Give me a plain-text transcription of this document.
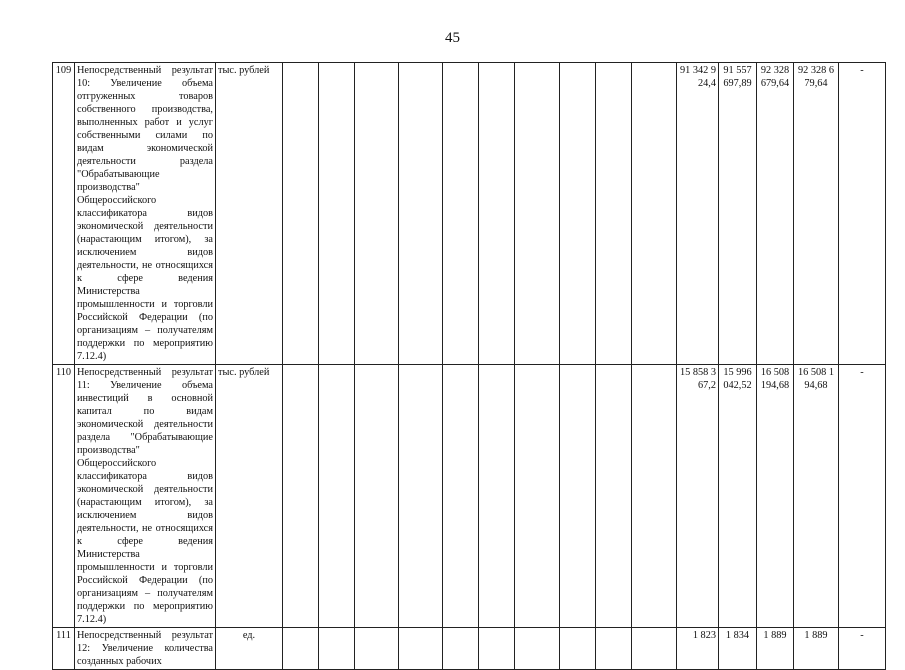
45
109	Непосредственный результат 10: Увеличение объема отгруженных товаров собственного производства, выполненных работ и услуг собственными силами по видам экономической деятельности раздела "Обрабатывающие производства" Общероссийского классификатора видов экономической деятельности (нарастающим итогом), за исключением видов деятельности, не относящихся к сфере ведения Министерства промышленности и торговли Российской Федерации (по организациям – получателям поддержки по мероприятию 7.12.4)	тыс. рублей											91 342 924,4	91 557 697,89	92 328 679,64	92 328 679,64	-
110	Непосредственный результат 11: Увеличение объема инвестиций в основной капитал по видам экономической деятельности раздела "Обрабатывающие производства" Общероссийского классификатора видов экономической деятельности (нарастающим итогом), за исключением видов деятельности, не относящихся к сфере ведения Министерства промышленности и торговли Российской Федерации (по организациям – получателям поддержки по мероприятию 7.12.4)	тыс. рублей											15 858 367,2	15 996 042,52	16 508 194,68	16 508 194,68	-
111	Непосредственный результат 12: Увеличение количества созданных рабочих	ед.											1 823	1 834	1 889	1 889	-
